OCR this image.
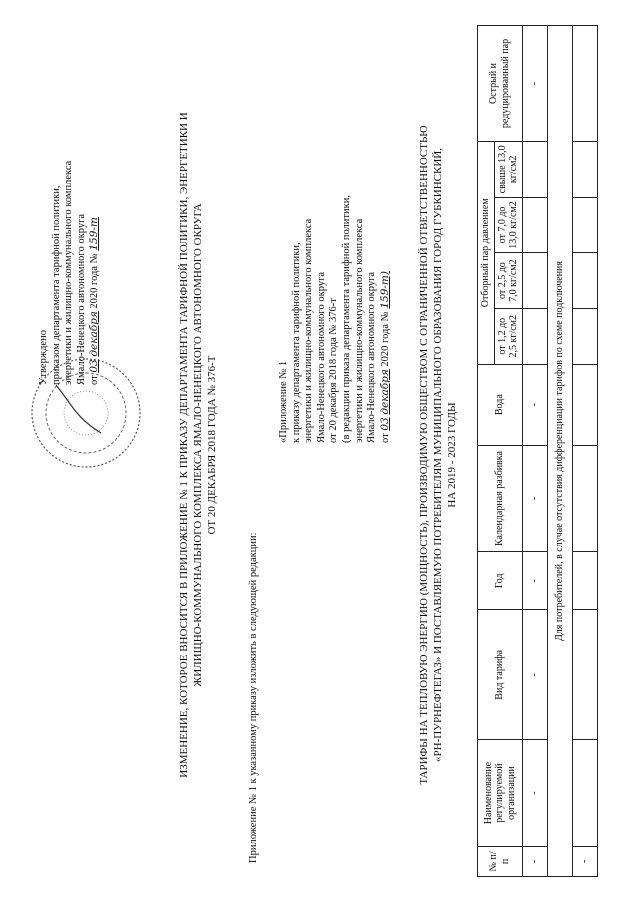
Утверждено приказом департамента тарифной политики, энергетики и жилищно-коммунального комплекса Ямало-Ненецкого автономного округа от 03 декабря 2020 года № 159-т	ИЗМЕНЕНИЕ, КОТОРОЕ ВНОСИТСЯ В ПРИЛОЖЕНИЕ № 1 К ПРИКАЗУ ДЕПАРТАМЕНТА ТАРИФНОЙ ПОЛИТИКИ, ЭНЕРГЕТИКИ И ЖИЛИЩНО-КОММУНАЛЬНОГО КОМПЛЕКСА ЯМАЛО-НЕНЕЦКОГО АВТОНОМНОГО ОКРУГА ОТ 20 ДЕКАБРЯ 2018 ГОДА № 376-Т
Приложение № 1 к указанному приказу изложить в следующей редакции:
«Приложение № 1 к приказу департамента тарифной политики, энергетики и жилищно-коммунального комплекса Ямало-Ненецкого автономного округа от 20 декабря 2018 года № 376-т (в редакции приказа департамента тарифной политики, энергетики и жилищно-коммунального комплекса Ямало-Ненецкого автономного округа от 03 декабря 2020 года № 159-т) ТАРИФЫ НА ТЕПЛОВУЮ ЭНЕРГИЮ (МОЩНОСТЬ), ПРОИЗВОДИМУЮ ОБЩЕСТВОМ С ОГРАНИЧЕННОЙ ОТВЕТСТВЕННОСТЬЮ «РН-ПУРНЕФТЕГАЗ» И ПОСТАВЛЯЕМУЮ ПОТРЕБИТЕЛЯМ МУНИЦИПАЛЬНОГО ОБРАЗОВАНИЯ ГОРОД ГУБКИНСКИЙ, НА 2019 - 2023 ГОДЫ
№ п/п	Наименование регулируемой организации	Вид тарифа	Год	Календарная разбивка	Вода	Отборный пар давлением				Острый и редуцированный пар
						от 1,2 до 2,5 кг/см2	от 2,5 до 7,0 кг/см2	от 7,0 до 13,0 кг/см2	свыше 13,0 кг/см2	
-	-	-	-	-	-					-
Для потребителей, в случае отсутствия дифференциации тарифов по схеме подключения										
-										
